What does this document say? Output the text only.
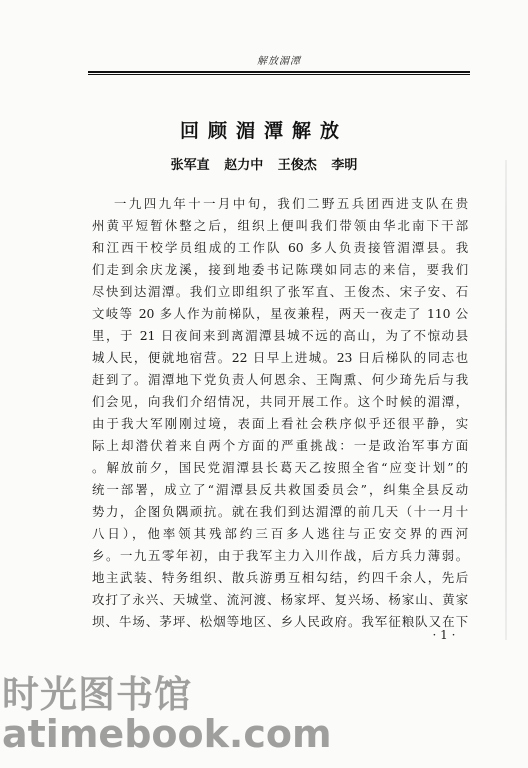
解放湄潭
回顾湄潭解放
张军直 赵力中 王俊杰 李明
一九四九年十一月中旬，我们二野五兵团西进支队在贵
州黄平短暂休整之后，组织上便叫我们带领由华北南下干部
和江西干校学员组成的工作队 60 多人负责接管湄潭县。我
们走到余庆龙溪，接到地委书记陈璞如同志的来信，要我们
尽快到达湄潭。我们立即组织了张军直、王俊杰、宋子安、石
文岐等 20 多人作为前梯队，星夜兼程，两天一夜走了 110 公
里，于 21 日夜间来到离湄潭县城不远的高山，为了不惊动县
城人民，便就地宿营。22 日早上进城。23 日后梯队的同志也
赶到了。湄潭地下党负责人何恩余、王陶熏、何少琦先后与我
们会见，向我们介绍情况，共同开展工作。这个时候的湄潭，
由于我大军刚刚过境，表面上看社会秩序似乎还很平静，实
际上却潜伏着来自两个方面的严重挑战：一是政治军事方面
。解放前夕，国民党湄潭县长葛天乙按照全省“应变计划”的
统一部署，成立了“湄潭县反共救国委员会”，纠集全县反动
势力，企图负隅顽抗。就在我们到达湄潭的前几天（十一月十
八日），他率领其残部约三百多人逃往与正安交界的西河
乡。一九五零年初，由于我军主力入川作战，后方兵力薄弱。
地主武装、特务组织、散兵游勇互相勾结，约四千余人，先后
攻打了永兴、天城堂、流河渡、杨家坪、复兴场、杨家山、黄家
坝、牛场、茅坪、松烟等地区、乡人民政府。我军征粮队又在下
· 1 ·
时光图书馆
atimebook.com
